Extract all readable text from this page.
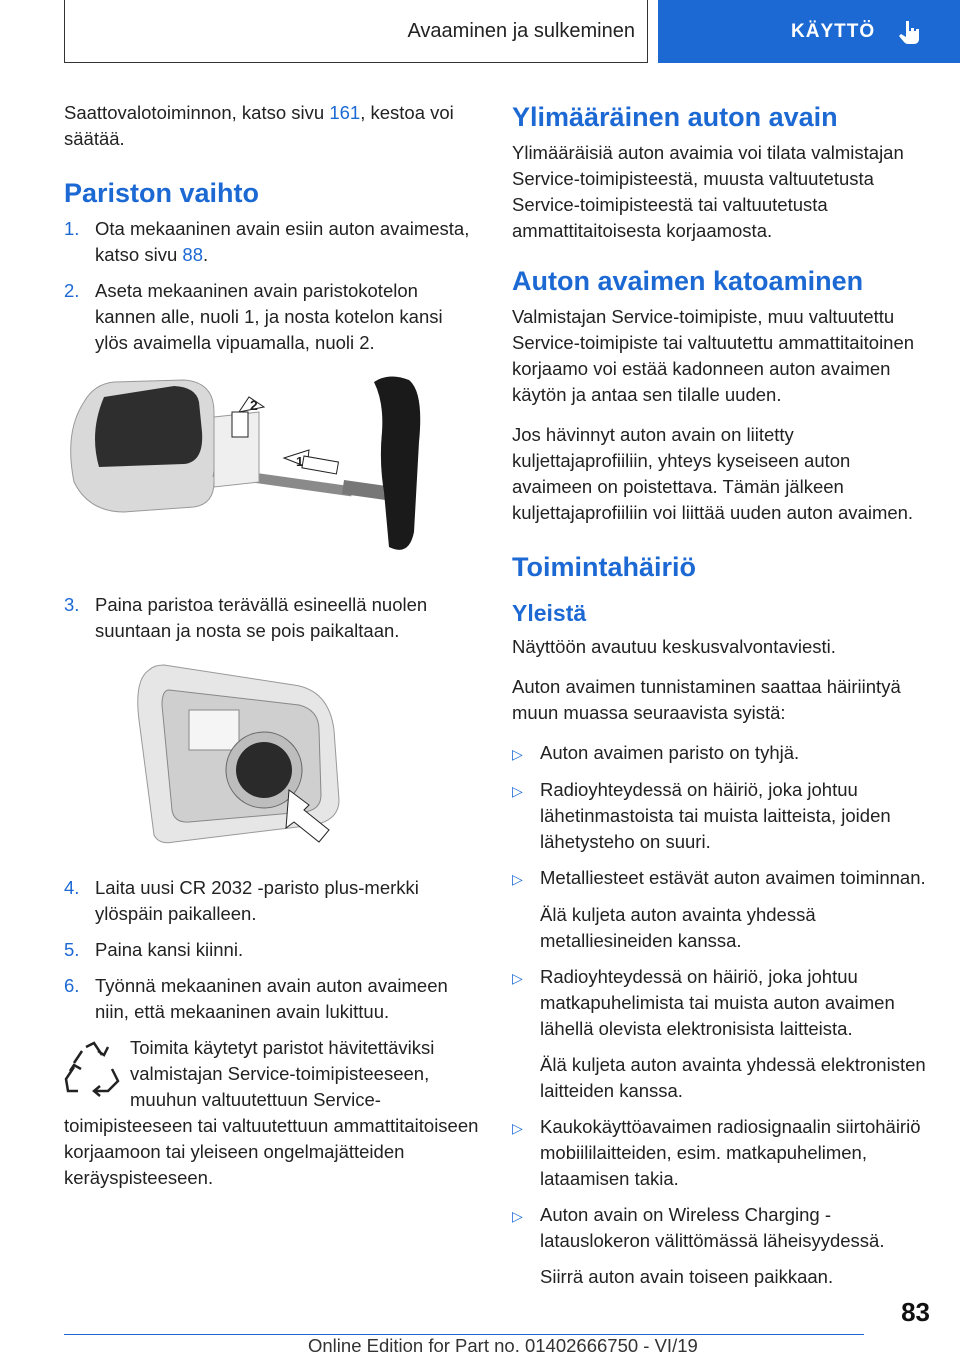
Avaaminen ja sulkeminen	KÄYTTÖ

Saattovalotoiminnon, katso sivu 161, kestoa voi säätää.

Pariston vaihto
1. Ota mekaaninen avain esiin auton avaimesta, katso sivu 88.
2. Aseta mekaaninen avain paristokotelon kannen alle, nuoli 1, ja nosta kotelon kansi ylös avaimella vipuamalla, nuoli 2.
2
1
3. Paina paristoa terävällä esineellä nuolen suuntaan ja nosta se pois paikaltaan.
4. Laita uusi CR 2032 -paristo plus-merkki ylöspäin paikalleen.
5. Paina kansi kiinni.
6. Työnnä mekaaninen avain auton avaimeen niin, että mekaaninen avain lukittuu.
Toimita käytetyt paristot hävitettäviksi valmistajan Service-toimipisteeseen, muuhun valtuutettuun Service-toimipisteeseen tai valtuutettuun ammattitaitoiseen korjaamoon tai yleiseen ongelmajätteiden keräyspisteeseen.
Ylimääräinen auton avain

Ylimääräisiä auton avaimia voi tilata valmistajan Service-toimipisteestä, muusta valtuutetusta Service-toimipisteestä tai valtuutetusta ammattitaitoisesta korjaamosta.

Auton avaimen katoaminen

Valmistajan Service-toimipiste, muu valtuutettu Service-toimipiste tai valtuutettu ammattitaitoinen korjaamo voi estää kadonneen auton avaimen käytön ja antaa sen tilalle uuden.

Jos hävinnyt auton avain on liitetty kuljettajaprofiiliin, yhteys kyseiseen auton avaimeen on poistettava. Tämän jälkeen kuljettajaprofiiliin voi liittää uuden auton avaimen.

Toimintahäiriö
Yleistä

Näyttöön avautuu keskusvalvontaviesti.

Auton avaimen tunnistaminen saattaa häiriintyä muun muassa seuraavista syistä:

▷ Auton avaimen paristo on tyhjä.
▷ Radioyhteydessä on häiriö, joka johtuu lähetinmastoista tai muista laitteista, joiden lähetysteho on suuri.
▷ Metalliesteet estävät auton avaimen toiminnan.
Älä kuljeta auton avainta yhdessä metalliesineiden kanssa.
▷ Radioyhteydessä on häiriö, joka johtuu matkapuhelimista tai muista auton avaimen lähellä olevista elektronisista laitteista.
Älä kuljeta auton avainta yhdessä elektronisten laitteiden kanssa.
▷ Kaukokäyttöavaimen radiosignaalin siirtohäiriö mobiililaitteiden, esim. matkapuhelimen, lataamisen takia.
▷ Auton avain on Wireless Charging -latauslokeron välittömässä läheisyydessä.
Siirrä auton avain toiseen paikkaan.
83
Online Edition for Part no. 01402666750 - VI/19
